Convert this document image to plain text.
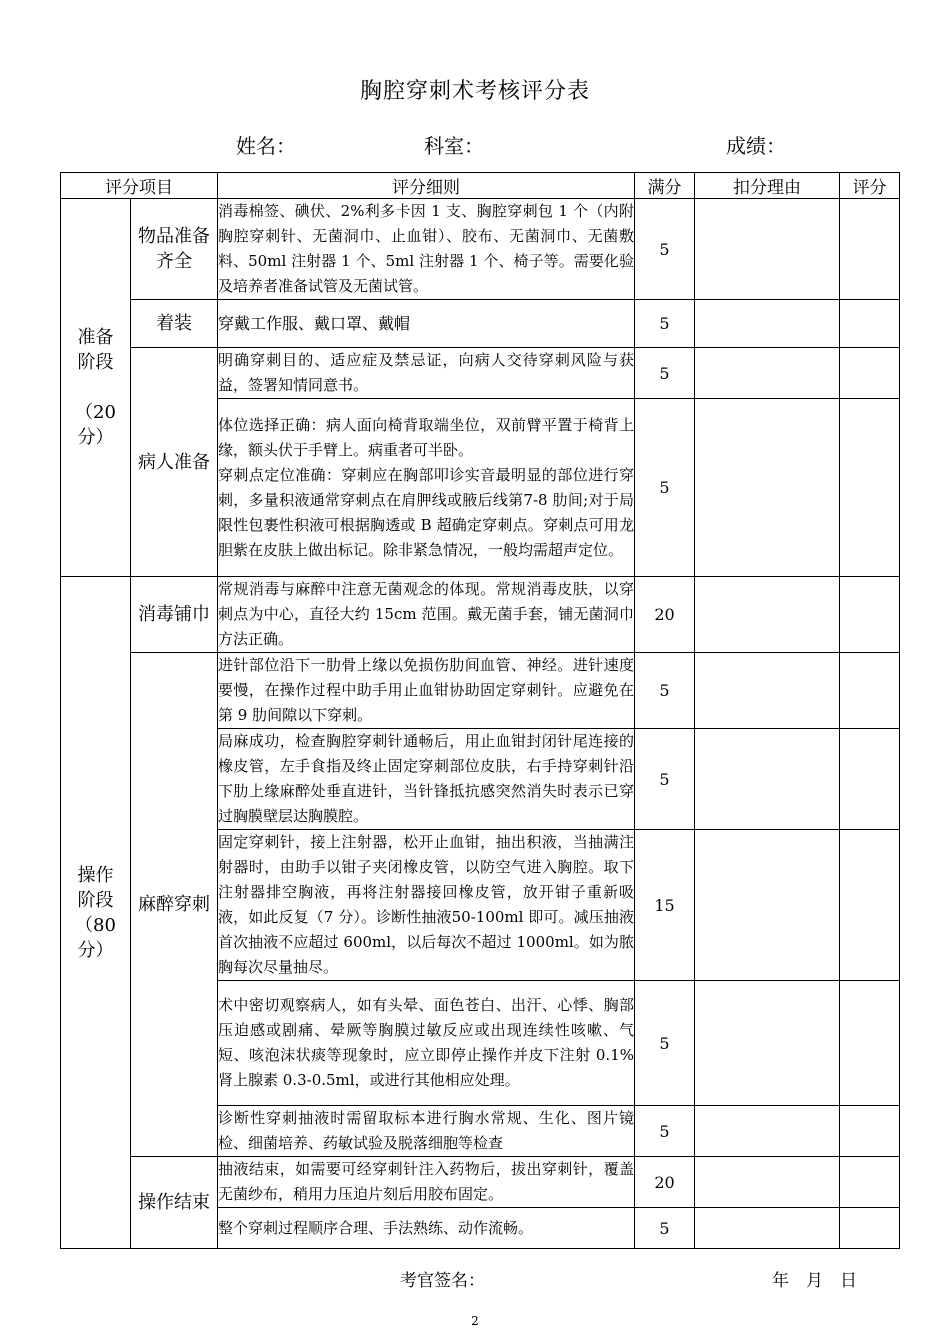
胸腔穿刺术考核评分表
姓名：	科室：	成绩：
评分项目		评分细则	满分	扣分理由	评分

准备阶段
（20分）	物品准备齐全	消毒棉签、碘伏、2%利多卡因 1 支、胸腔穿刺包 1 个（内附胸腔穿刺针、无菌洞巾、止血钳）、胶布、无菌洞巾、无菌敷料、50ml 注射器 1 个、5ml 注射器 1 个、椅子等。需要化验及培养者准备试管及无菌试管。	5		
	着装	穿戴工作服、戴口罩、戴帽	5		
	病人准备	明确穿刺目的、适应症及禁忌证，向病人交待穿刺风险与获益，签署知情同意书。	5		

		体位选择正确：病人面向椅背取端坐位，双前臂平置于椅背上缘，额头伏于手臂上。病重者可半卧。
穿刺点定位准确：穿刺应在胸部叩诊实音最明显的部位进行穿刺，多量积液通常穿刺点在肩胛线或腋后线第7-8 肋间;对于局限性包裹性积液可根据胸透或 B 超确定穿刺点。穿刺点可用龙胆紫在皮肤上做出标记。除非紧急情况，一般均需超声定位。	5		

操作阶段
（80分）	消毒铺巾	常规消毒与麻醉中注意无菌观念的体现。常规消毒皮肤，以穿刺点为中心，直径大约 15cm 范围。戴无菌手套，铺无菌洞巾方法正确。	20		
	麻醉穿刺	进针部位沿下一肋骨上缘以免损伤肋间血管、神经。进针速度要慢，在操作过程中助手用止血钳协助固定穿刺针。应避免在第 9 肋间隙以下穿刺。	5		
		局麻成功，检查胸腔穿刺针通畅后，用止血钳封闭针尾连接的橡皮管，左手食指及终止固定穿刺部位皮肤，右手持穿刺针沿下肋上缘麻醉处垂直进针，当针锋抵抗感突然消失时表示已穿过胸膜壁层达胸膜腔。	5		
		固定穿刺针，接上注射器，松开止血钳，抽出积液，当抽满注射器时，由助手以钳子夹闭橡皮管，以防空气进入胸腔。取下注射器排空胸液，再将注射器接回橡皮管，放开钳子重新吸液，如此反复（7 分）。诊断性抽液50-100ml 即可。减压抽液首次抽液不应超过 600ml，以后每次不超过 1000ml。如为脓胸每次尽量抽尽。	15		
		术中密切观察病人，如有头晕、面色苍白、出汗、心悸、胸部压迫感或剧痛、晕厥等胸膜过敏反应或出现连续性咳嗽、气短、咳泡沫状痰等现象时，应立即停止操作并皮下注射 0.1%肾上腺素 0.3-0.5ml，或进行其他相应处理。	5		
		诊断性穿刺抽液时需留取标本进行胸水常规、生化、图片镜检、细菌培养、药敏试验及脱落细胞等检查	5		
	操作结束	抽液结束，如需要可经穿刺针注入药物后，拔出穿刺针，覆盖无菌纱布，稍用力压迫片刻后用胶布固定。	20		
		整个穿刺过程顺序合理、手法熟练、动作流畅。	5		
考官签名：	年　月　日
2
